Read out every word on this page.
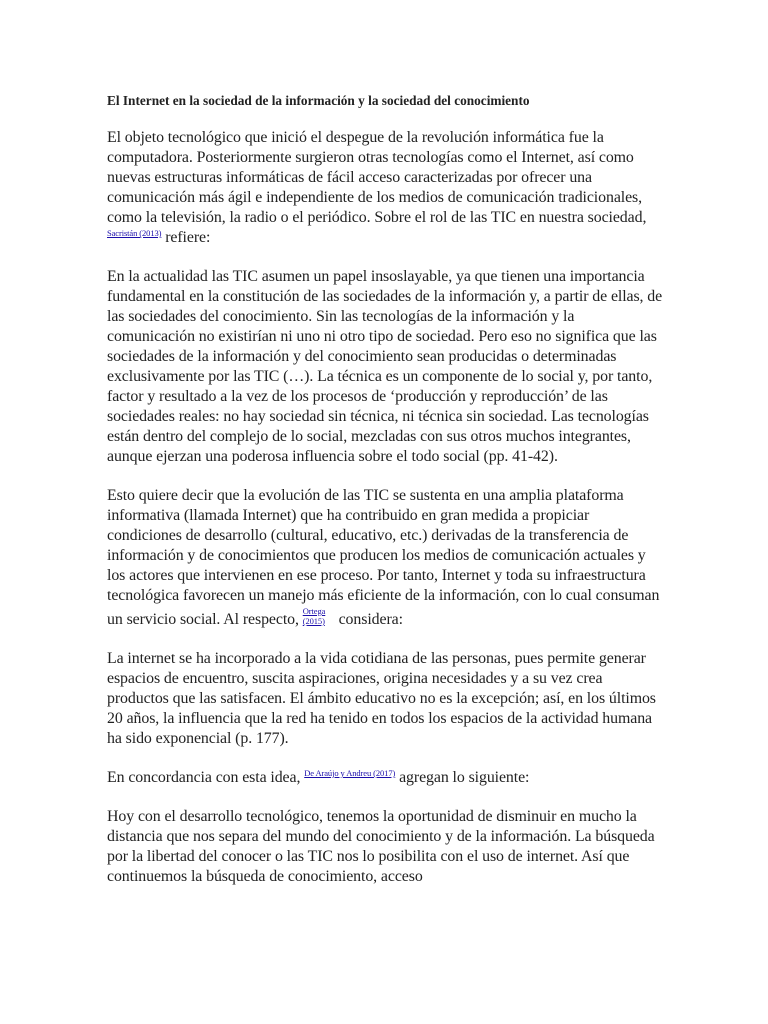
El Internet en la sociedad de la información y la sociedad del conocimiento

El objeto tecnológico que inició el despegue de la revolución informática fue la computadora. Posteriormente surgieron otras tecnologías como el Internet, así como nuevas estructuras informáticas de fácil acceso caracterizadas por ofrecer una comunicación más ágil e independiente de los medios de comunicación tradicionales, como la televisión, la radio o el periódico. Sobre el rol de las TIC en nuestra sociedad, $^{Sacristán (2013)}$ refiere:

En la actualidad las TIC asumen un papel insoslayable, ya que tienen una importancia fundamental en la constitución de las sociedades de la información y, a partir de ellas, de las sociedades del conocimiento. Sin las tecnologías de la información y la comunicación no existirían ni uno ni otro tipo de sociedad. Pero eso no significa que las sociedades de la información y del conocimiento sean producidas o determinadas exclusivamente por las TIC (…). La técnica es un componente de lo social y, por tanto, factor y resultado a la vez de los procesos de ‘producción y reproducción’ de las sociedades reales: no hay sociedad sin técnica, ni técnica sin sociedad. Las tecnologías están dentro del complejo de lo social, mezcladas con sus otros muchos integrantes, aunque ejerzan una poderosa influencia sobre el todo social (pp. 41-42).

Esto quiere decir que la evolución de las TIC se sustenta en una amplia plataforma informativa (llamada Internet) que ha contribuido en gran medida a propiciar condiciones de desarrollo (cultural, educativo, etc.) derivadas de la transferencia de información y de conocimientos que producen los medios de comunicación actuales y los actores que intervienen en ese proceso. Por tanto, Internet y toda su infraestructura tecnológica favorecen un manejo más eficiente de la información, con lo cual consuman un servicio social. Al respecto, Ortega (2015) considera:

La internet se ha incorporado a la vida cotidiana de las personas, pues permite generar espacios de encuentro, suscita aspiraciones, origina necesidades y a su vez crea productos que las satisfacen. El ámbito educativo no es la excepción; así, en los últimos 20 años, la influencia que la red ha tenido en todos los espacios de la actividad humana ha sido exponencial (p. 177).

En concordancia con esta idea, $^{De Araújo y Andreu (2017)}$ agregan lo siguiente:

Hoy con el desarrollo tecnológico, tenemos la oportunidad de disminuir en mucho la distancia que nos separa del mundo del conocimiento y de la información. La búsqueda por la libertad del conocer o las TIC nos lo posibilita con el uso de internet. Así que continuemos la búsqueda de conocimiento, acceso
